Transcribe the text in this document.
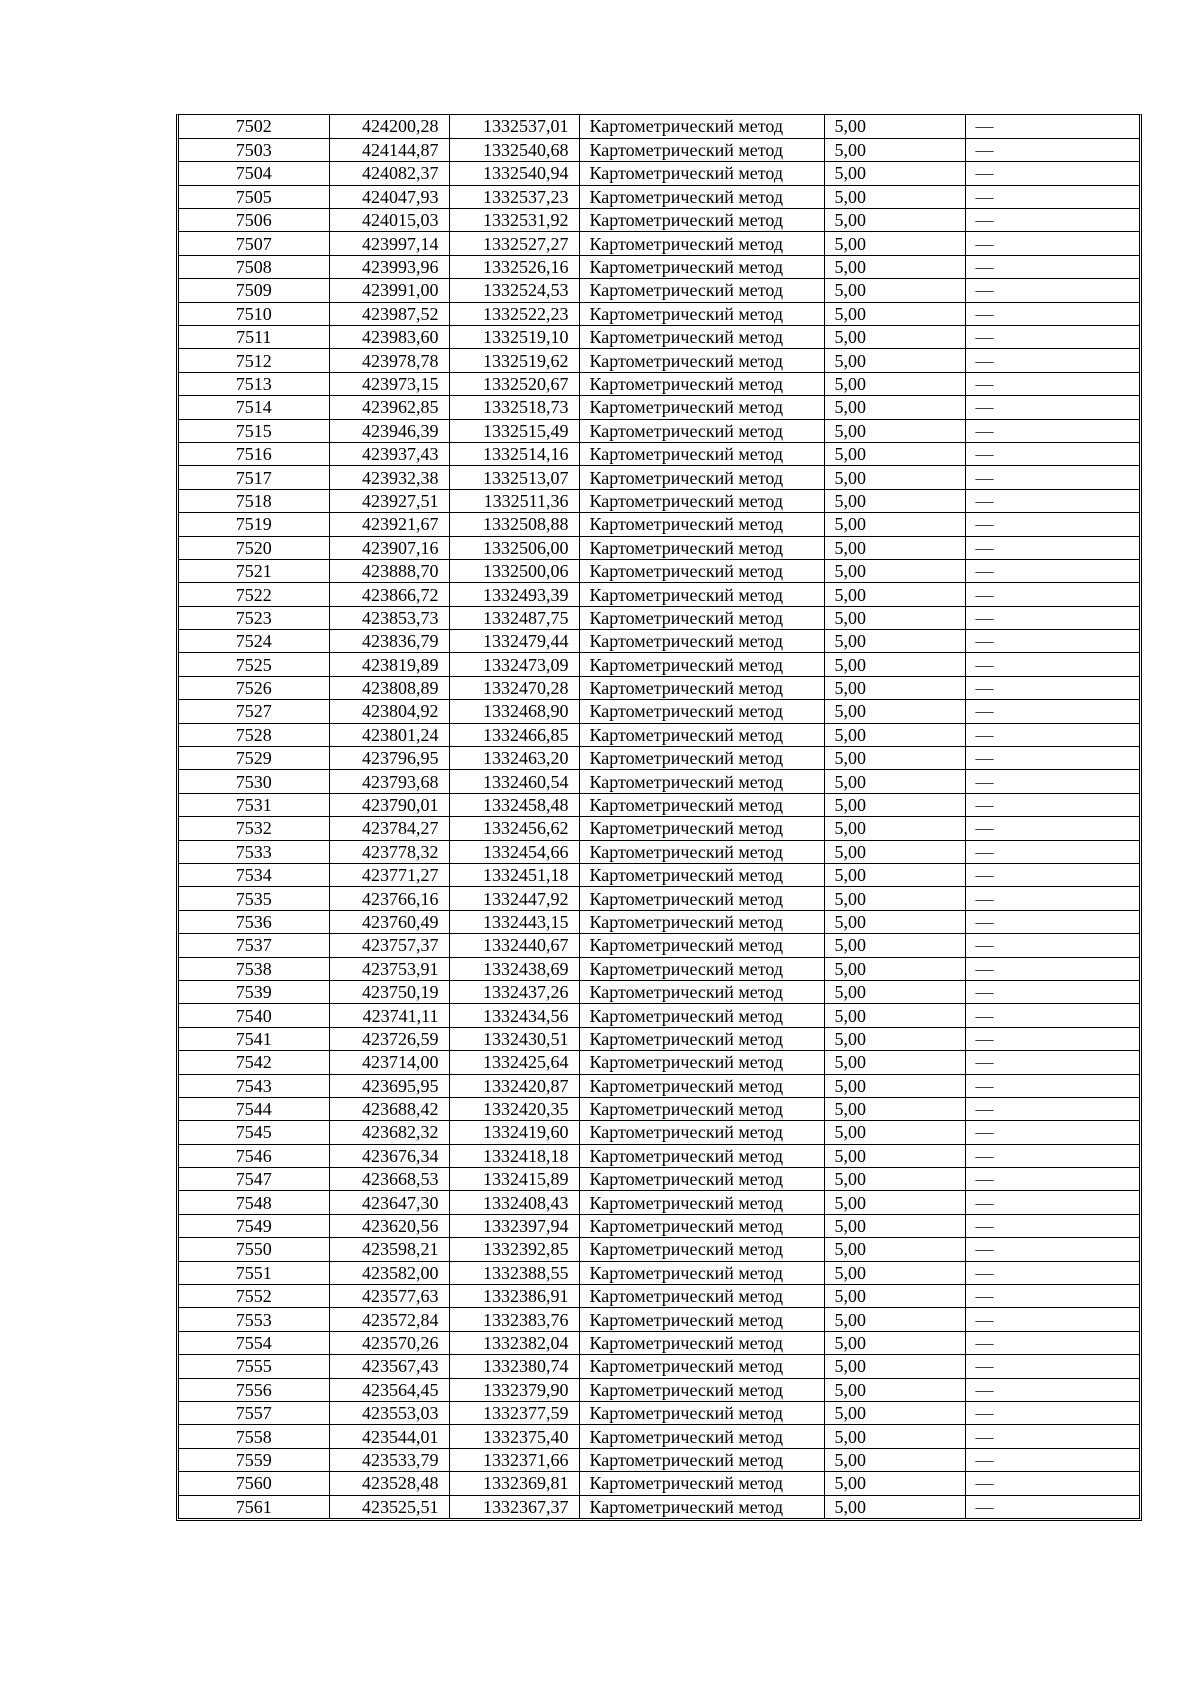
7502	424200,28	1332537,01	Картометрический метод	5,00	—
7503	424144,87	1332540,68	Картометрический метод	5,00	—
7504	424082,37	1332540,94	Картометрический метод	5,00	—
7505	424047,93	1332537,23	Картометрический метод	5,00	—
7506	424015,03	1332531,92	Картометрический метод	5,00	—
7507	423997,14	1332527,27	Картометрический метод	5,00	—
7508	423993,96	1332526,16	Картометрический метод	5,00	—
7509	423991,00	1332524,53	Картометрический метод	5,00	—
7510	423987,52	1332522,23	Картометрический метод	5,00	—
7511	423983,60	1332519,10	Картометрический метод	5,00	—
7512	423978,78	1332519,62	Картометрический метод	5,00	—
7513	423973,15	1332520,67	Картометрический метод	5,00	—
7514	423962,85	1332518,73	Картометрический метод	5,00	—
7515	423946,39	1332515,49	Картометрический метод	5,00	—
7516	423937,43	1332514,16	Картометрический метод	5,00	—
7517	423932,38	1332513,07	Картометрический метод	5,00	—
7518	423927,51	1332511,36	Картометрический метод	5,00	—
7519	423921,67	1332508,88	Картометрический метод	5,00	—
7520	423907,16	1332506,00	Картометрический метод	5,00	—
7521	423888,70	1332500,06	Картометрический метод	5,00	—
7522	423866,72	1332493,39	Картометрический метод	5,00	—
7523	423853,73	1332487,75	Картометрический метод	5,00	—
7524	423836,79	1332479,44	Картометрический метод	5,00	—
7525	423819,89	1332473,09	Картометрический метод	5,00	—
7526	423808,89	1332470,28	Картометрический метод	5,00	—
7527	423804,92	1332468,90	Картометрический метод	5,00	—
7528	423801,24	1332466,85	Картометрический метод	5,00	—
7529	423796,95	1332463,20	Картометрический метод	5,00	—
7530	423793,68	1332460,54	Картометрический метод	5,00	—
7531	423790,01	1332458,48	Картометрический метод	5,00	—
7532	423784,27	1332456,62	Картометрический метод	5,00	—
7533	423778,32	1332454,66	Картометрический метод	5,00	—
7534	423771,27	1332451,18	Картометрический метод	5,00	—
7535	423766,16	1332447,92	Картометрический метод	5,00	—
7536	423760,49	1332443,15	Картометрический метод	5,00	—
7537	423757,37	1332440,67	Картометрический метод	5,00	—
7538	423753,91	1332438,69	Картометрический метод	5,00	—
7539	423750,19	1332437,26	Картометрический метод	5,00	—
7540	423741,11	1332434,56	Картометрический метод	5,00	—
7541	423726,59	1332430,51	Картометрический метод	5,00	—
7542	423714,00	1332425,64	Картометрический метод	5,00	—
7543	423695,95	1332420,87	Картометрический метод	5,00	—
7544	423688,42	1332420,35	Картометрический метод	5,00	—
7545	423682,32	1332419,60	Картометрический метод	5,00	—
7546	423676,34	1332418,18	Картометрический метод	5,00	—
7547	423668,53	1332415,89	Картометрический метод	5,00	—
7548	423647,30	1332408,43	Картометрический метод	5,00	—
7549	423620,56	1332397,94	Картометрический метод	5,00	—
7550	423598,21	1332392,85	Картометрический метод	5,00	—
7551	423582,00	1332388,55	Картометрический метод	5,00	—
7552	423577,63	1332386,91	Картометрический метод	5,00	—
7553	423572,84	1332383,76	Картометрический метод	5,00	—
7554	423570,26	1332382,04	Картометрический метод	5,00	—
7555	423567,43	1332380,74	Картометрический метод	5,00	—
7556	423564,45	1332379,90	Картометрический метод	5,00	—
7557	423553,03	1332377,59	Картометрический метод	5,00	—
7558	423544,01	1332375,40	Картометрический метод	5,00	—
7559	423533,79	1332371,66	Картометрический метод	5,00	—
7560	423528,48	1332369,81	Картометрический метод	5,00	—
7561	423525,51	1332367,37	Картометрический метод	5,00	—
